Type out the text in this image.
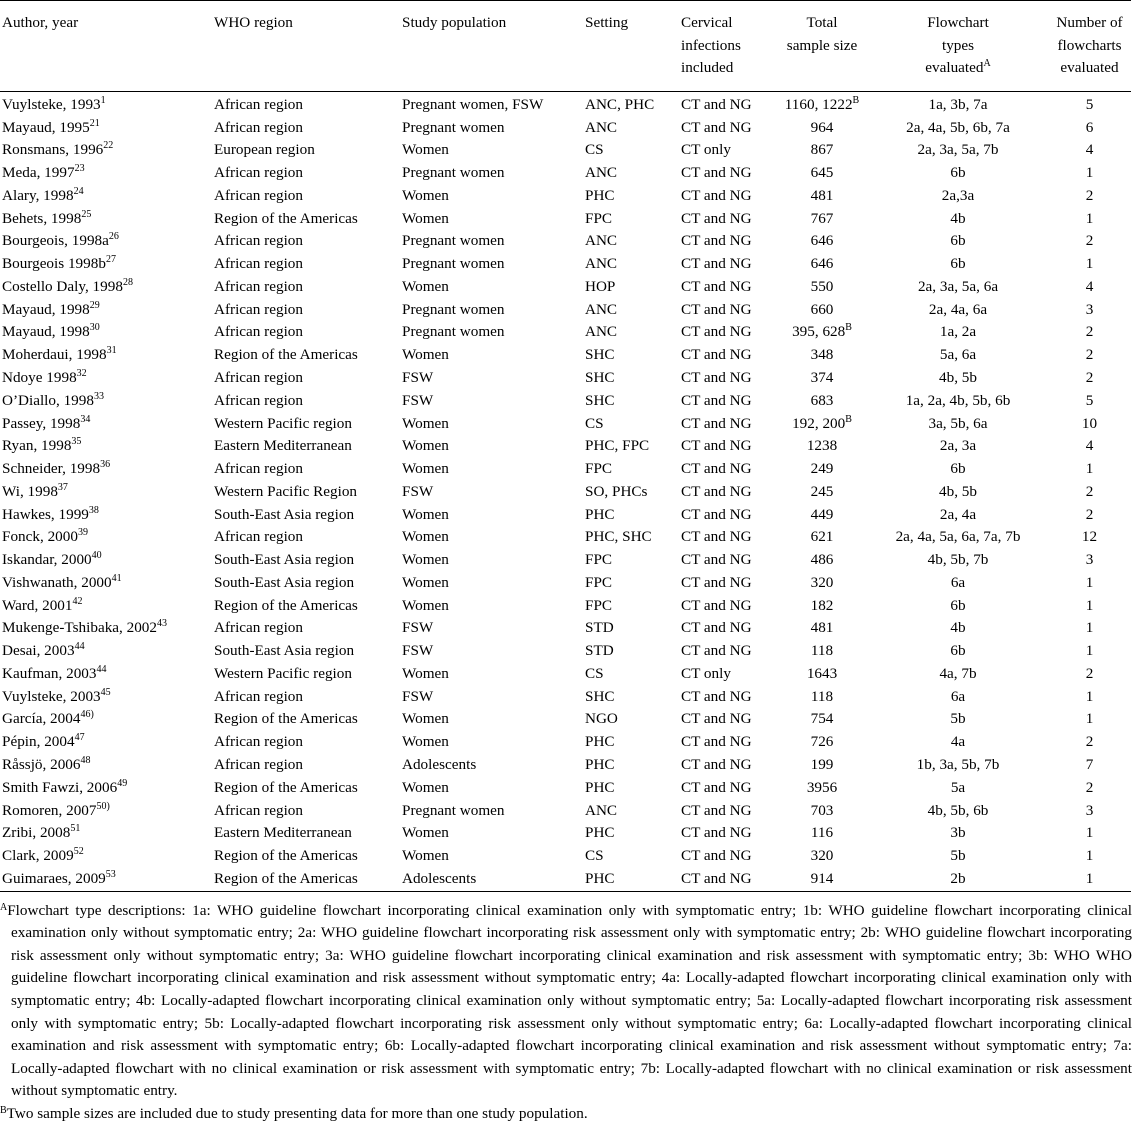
Author, year	WHO region	Study population	Setting	Cervical infections included	Total sample size	Flowchart types evaluated$^A$	Number of flowcharts evaluated
Vuylsteke, 1993$^1$	African region	Pregnant women, FSW	ANC, PHC	CT and NG	1160, $1222^B$	1a, 3b, 7a	5
Mayaud, 1995$^{21}$	African region	Pregnant women	ANC	CT and NG	964	2a, 4a, 5b, 6b, 7a	6
Ronsmans, 1996$^{22}$	European region	Women	CS	CT only	867	2a, 3a, 5a, 7b	4
Meda, 1997$^{23}$	African region	Pregnant women	ANC	CT and NG	645	6b	1
Alary, 1998$^{24}$	African region	Women	PHC	CT and NG	481	2a,3a	2
Behets, 1998$^{25}$	Region of the Americas	Women	FPC	CT and NG	767	4b	1
Bourgeois, $1998a^{26}$	African region	Pregnant women	ANC	CT and NG	646	6b	2
Bourgeois $1998b^{27}$	African region	Pregnant women	ANC	CT and NG	646	6b	1
Costello Daly, 1998$^{28}$	African region	Women	HOP	CT and NG	550	2a, 3a, 5a, 6a	4
Mayaud, 1998$^{29}$	African region	Pregnant women	ANC	CT and NG	660	2a, 4a, 6a	3
Mayaud, 1998$^{30}$	African region	Pregnant women	ANC	CT and NG	395, $628^B$	1a, 2a	2
Moherdaui, 1998$^{31}$	Region of the Americas	Women	SHC	CT and NG	348	5a, 6a	2
Ndoye 1998$^{32}$	African region	FSW	SHC	CT and NG	374	4b, 5b	2
O’Diallo, 1998$^{33}$	African region	FSW	SHC	CT and NG	683	1a, 2a, 4b, 5b, 6b	5
Passey, 1998$^{34}$	Western Pacific region	Women	CS	CT and NG	192, $200^B$	3a, 5b, 6a	10
Ryan, 1998$^{35}$	Eastern Mediterranean	Women	PHC, FPC	CT and NG	1238	2a, 3a	4
Schneider, 1998$^{36}$	African region	Women	FPC	CT and NG	249	6b	1
Wi, 1998$^{37}$	Western Pacific Region	FSW	SO, PHCs	CT and NG	245	4b, 5b	2
Hawkes, 1999$^{38}$	South-East Asia region	Women	PHC	CT and NG	449	2a, 4a	2
Fonck, 2000$^{39}$	African region	Women	PHC, SHC	CT and NG	621	2a, 4a, 5a, 6a, 7a, 7b	12
Iskandar, 2000$^{40}$	South-East Asia region	Women	FPC	CT and NG	486	4b, 5b, 7b	3
Vishwanath, 2000$^{41}$	South-East Asia region	Women	FPC	CT and NG	320	6a	1
Ward, 2001$^{42}$	Region of the Americas	Women	FPC	CT and NG	182	6b	1
Mukenge-Tshibaka, 2002$^{43}$	African region	FSW	STD	CT and NG	481	4b	1
Desai, 2003$^{44}$	South-East Asia region	FSW	STD	CT and NG	118	6b	1
Kaufman, 2003$^{44}$	Western Pacific region	Women	CS	CT only	1643	4a, 7b	2
Vuylsteke, 2003$^{45}$	African region	FSW	SHC	CT and NG	118	6a	1
García, 2004$^{46)}$	Region of the Americas	Women	NGO	CT and NG	754	5b	1
Pépin, 2004$^{47}$	African region	Women	PHC	CT and NG	726	4a	2
Råssjö, 2006$^{48}$	African region	Adolescents	PHC	CT and NG	199	1b, 3a, 5b, 7b	7
Smith Fawzi, 2006$^{49}$	Region of the Americas	Women	PHC	CT and NG	3956	5a	2
Romoren, 2007$^{50)}$	African region	Pregnant women	ANC	CT and NG	703	4b, 5b, 6b	3
Zribi, 2008$^{51}$	Eastern Mediterranean	Women	PHC	CT and NG	116	3b	1
Clark, 2009$^{52}$	Region of the Americas	Women	CS	CT and NG	320	5b	1
Guimaraes, 2009$^{53}$	Region of the Americas	Adolescents	PHC	CT and NG	914	2b	1

$^A$Flowchart type descriptions: 1a: WHO guideline flowchart incorporating clinical examination only with symptomatic entry; 1b: WHO guideline flowchart incorporating clinical examination only without symptomatic entry; 2a: WHO guideline flowchart incorporating risk assessment only with symptomatic entry; 2b: WHO guideline flowchart incorporating risk assessment only without symptomatic entry; 3a: WHO guideline flowchart incorporating clinical examination and risk assessment with symptomatic entry; 3b: WHO WHO guideline flowchart incorporating clinical examination and risk assessment without symptomatic entry; 4a: Locally-adapted flowchart incorporating clinical examination only with symptomatic entry; 4b: Locally-adapted flowchart incorporating clinical examination only without symptomatic entry; 5a: Locally-adapted flowchart incorporating risk assessment only with symptomatic entry; 5b: Locally-adapted flowchart incorporating risk assessment only without symptomatic entry; 6a: Locally-adapted flowchart incorporating clinical examination and risk assessment with symptomatic entry; 6b: Locally-adapted flowchart incorporating clinical examination and risk assessment without symptomatic entry; 7a: Locally-adapted flowchart with no clinical examination or risk assessment with symptomatic entry; 7b: Locally-adapted flowchart with no clinical examination or risk assessment without symptomatic entry.

$^B$Two sample sizes are included due to study presenting data for more than one study population.
